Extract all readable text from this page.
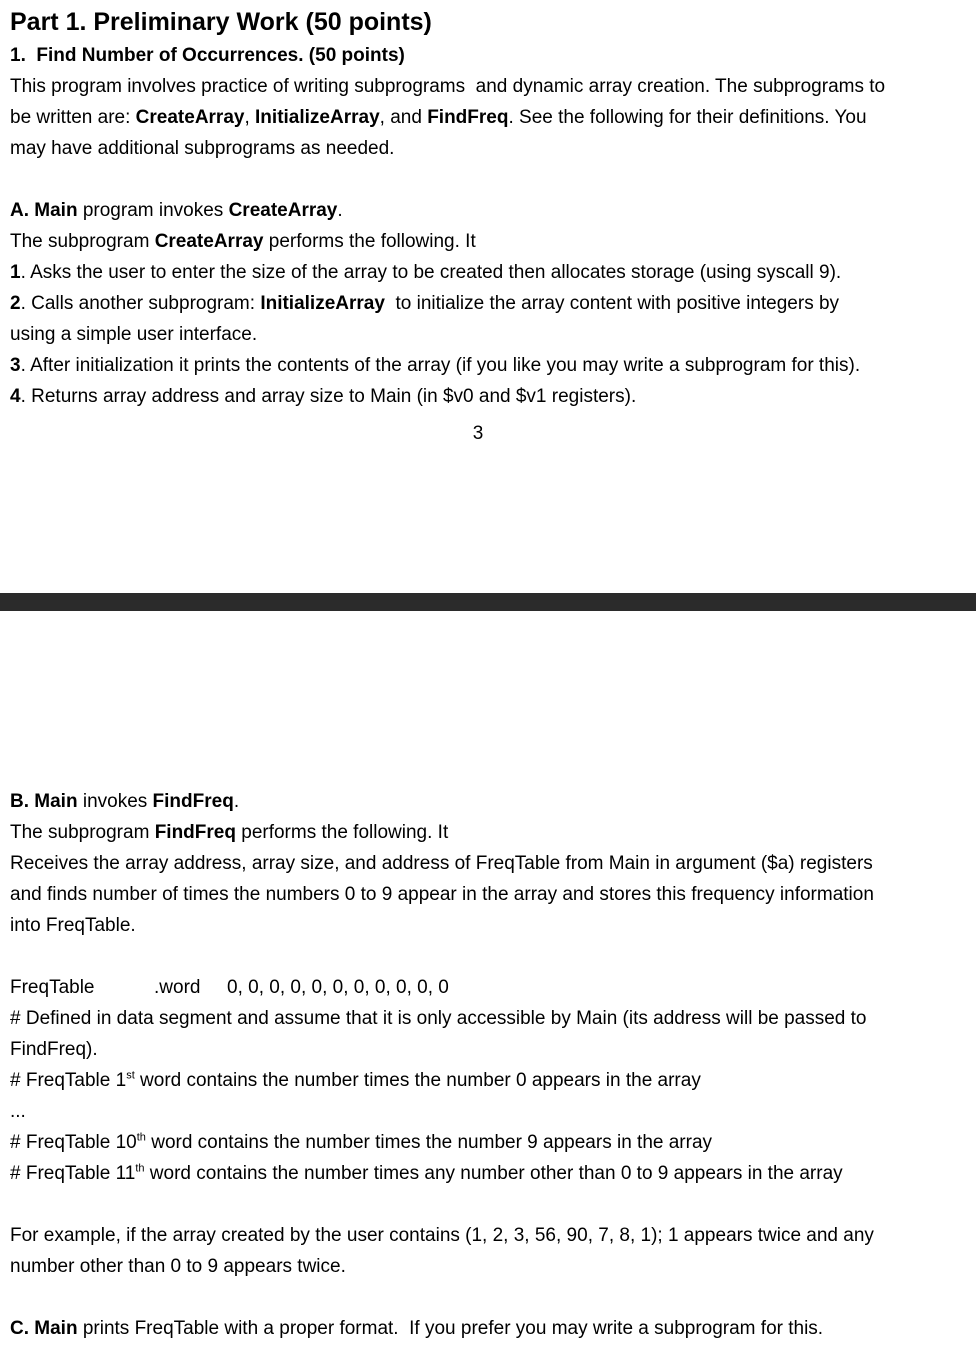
Part 1. Preliminary Work (50 points)
1.  Find Number of Occurrences. (50 points)
This program involves practice of writing subprograms  and dynamic array creation. The subprograms to
be written are: CreateArray, InitializeArray, and FindFreq. See the following for their definitions. You
may have additional subprograms as needed.
A. Main program invokes CreateArray.
The subprogram CreateArray performs the following. It
1. Asks the user to enter the size of the array to be created then allocates storage (using syscall 9).
2. Calls another subprogram: InitializeArray  to initialize the array content with positive integers by
using a simple user interface.
3. After initialization it prints the contents of the array (if you like you may write a subprogram for this).
4. Returns array address and array size to Main (in $v0 and $v1 registers).
3
B. Main invokes FindFreq.
The subprogram FindFreq performs the following. It
Receives the array address, array size, and address of FreqTable from Main in argument ($a) registers
and finds number of times the numbers 0 to 9 appear in the array and stores this frequency information
into FreqTable.
FreqTable	.word 0, 0, 0, 0, 0, 0, 0, 0, 0, 0, 0
# Defined in data segment and assume that it is only accessible by Main (its address will be passed to
FindFreq).
# FreqTable 1st word contains the number times the number 0 appears in the array
...
# FreqTable 10th word contains the number times the number 9 appears in the array
# FreqTable 11th word contains the number times any number other than 0 to 9 appears in the array
For example, if the array created by the user contains (1, 2, 3, 56, 90, 7, 8, 1); 1 appears twice and any
number other than 0 to 9 appears twice.
C. Main prints FreqTable with a proper format.  If you prefer you may write a subprogram for this.
